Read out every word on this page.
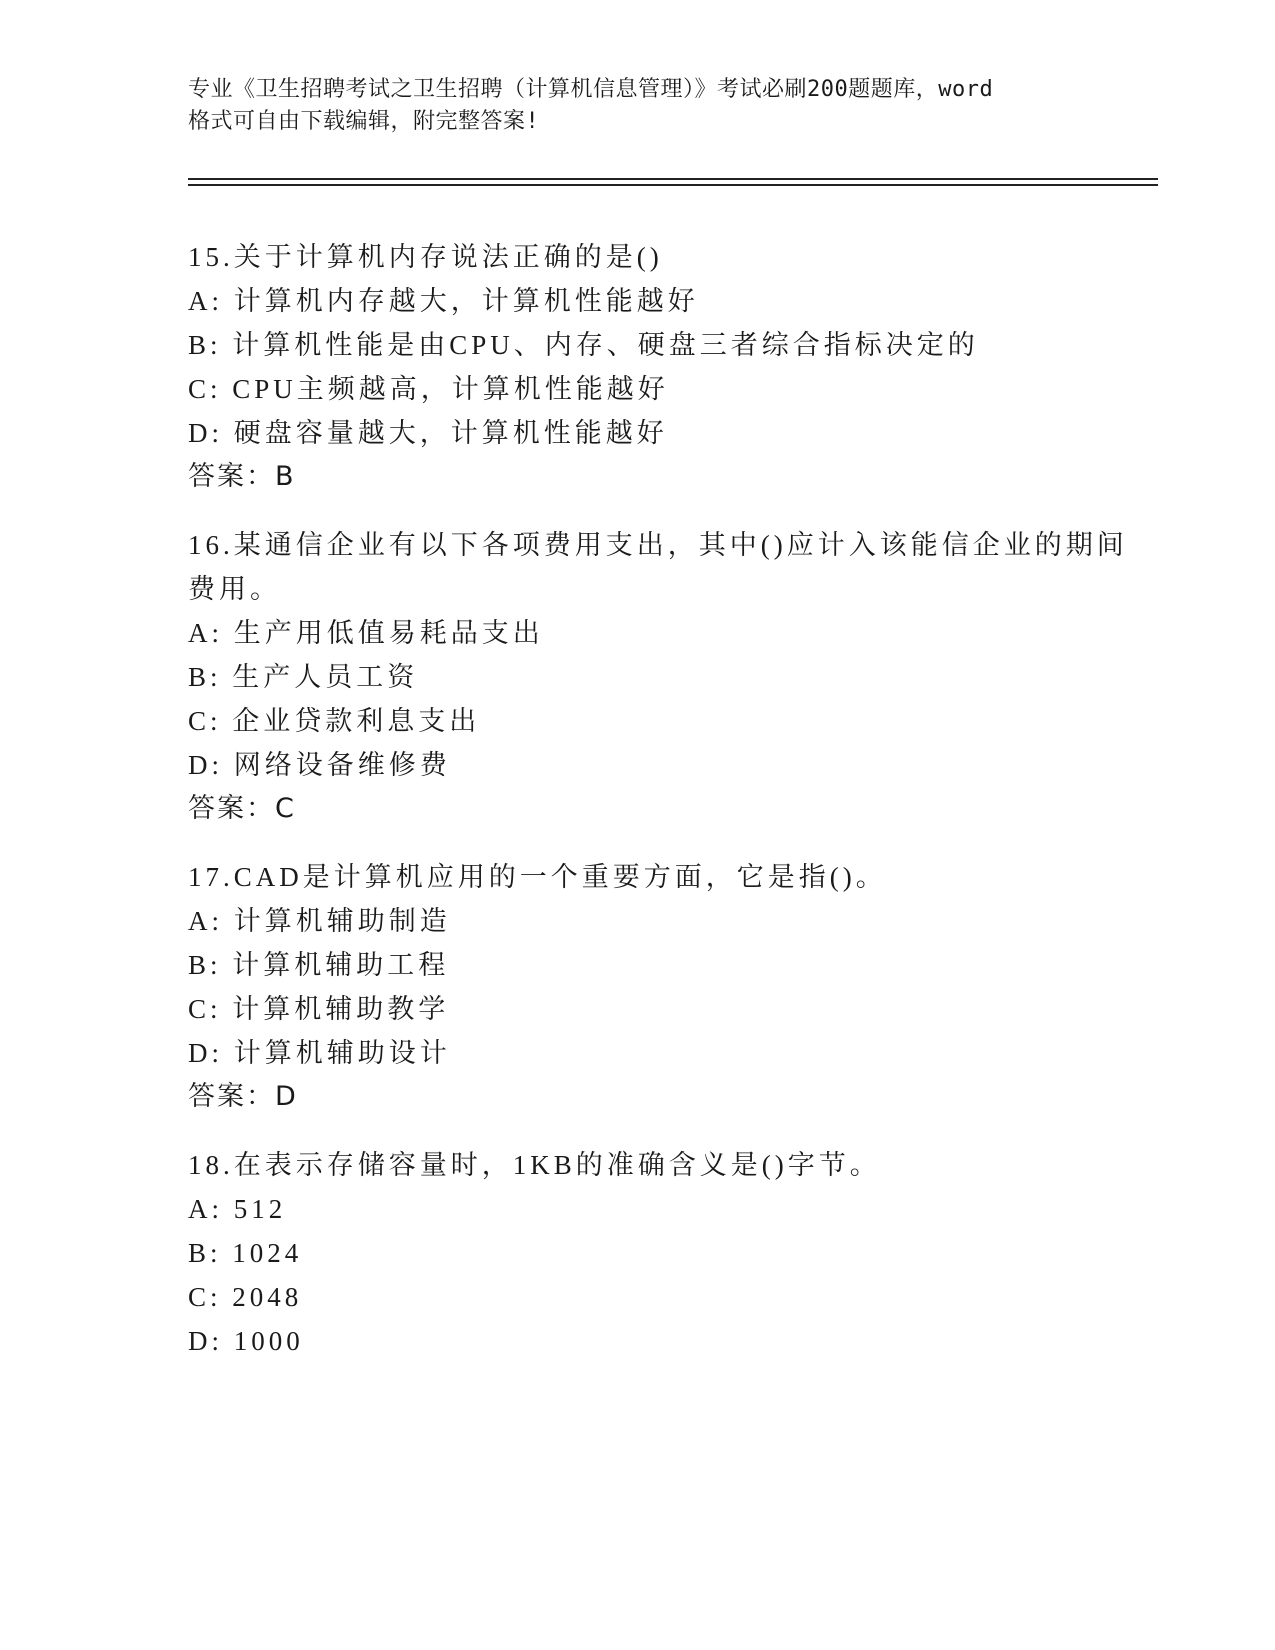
专业《卫生招聘考试之卫生招聘（计算机信息管理）》考试必刷200题题库，word
格式可自由下载编辑，附完整答案!
15.关于计算机内存说法正确的是()
A: 计算机内存越大，计算机性能越好
B: 计算机性能是由CPU、内存、硬盘三者综合指标决定的
C: CPU主频越高，计算机性能越好
D: 硬盘容量越大，计算机性能越好
答案：B
16.某通信企业有以下各项费用支出，其中()应计入该能信企业的期间
费用。
A: 生产用低值易耗品支出
B: 生产人员工资
C: 企业贷款利息支出
D: 网络设备维修费
答案：C
17.CAD是计算机应用的一个重要方面，它是指()。
A: 计算机辅助制造
B: 计算机辅助工程
C: 计算机辅助教学
D: 计算机辅助设计
答案：D
18.在表示存储容量时，1KB的准确含义是()字节。
A: 512
B: 1024
C: 2048
D: 1000
